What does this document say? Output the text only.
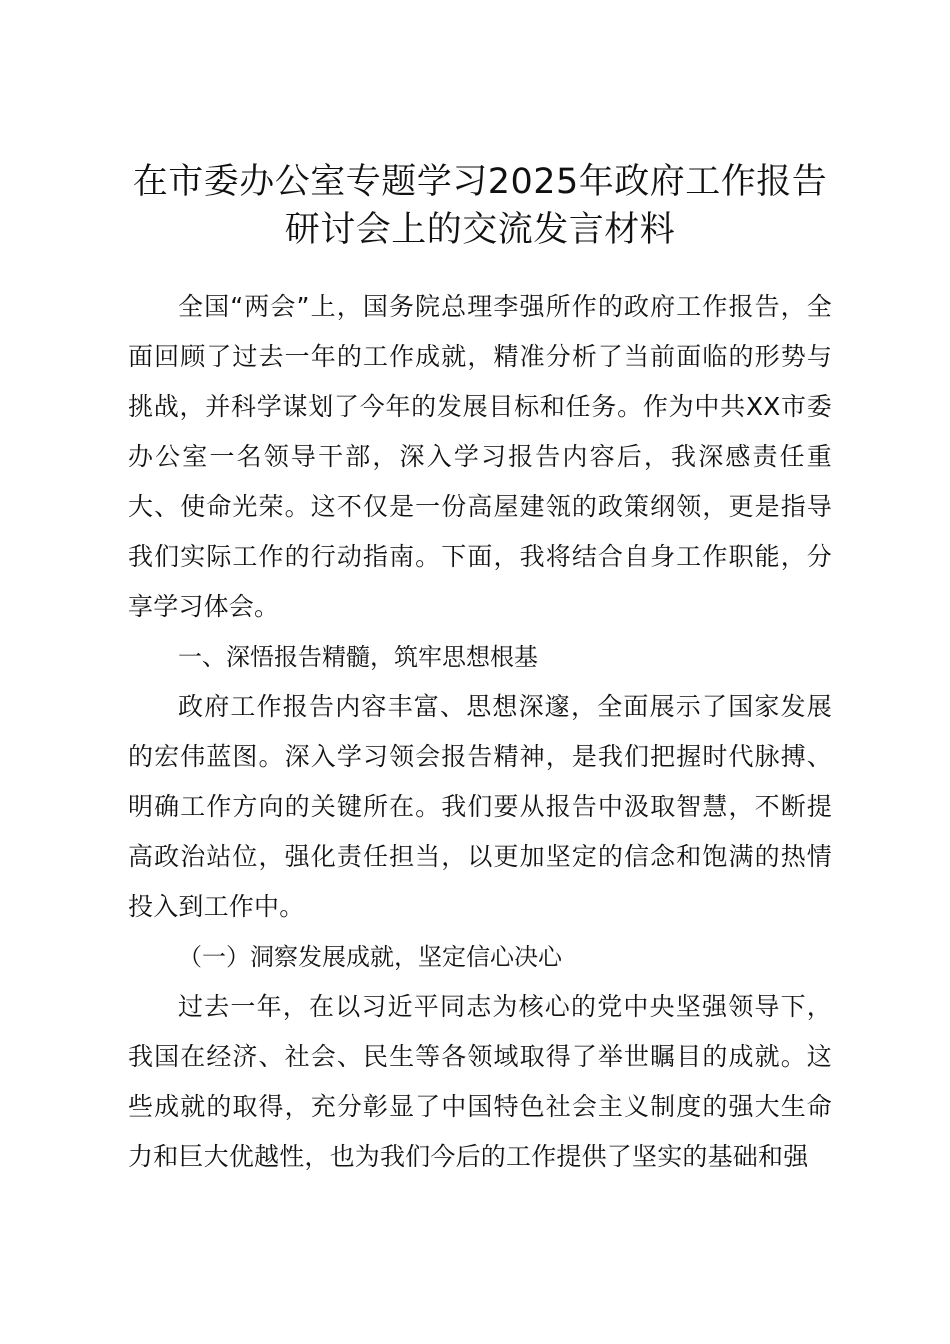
在市委办公室专题学习2025年政府工作报告
研讨会上的交流发言材料

全国“两会”上，国务院总理李强所作的政府工作报告，全面回顾了过去一年的工作成就，精准分析了当前面临的形势与挑战，并科学谋划了今年的发展目标和任务。作为中共XX市委办公室一名领导干部，深入学习报告内容后，我深感责任重大、使命光荣。这不仅是一份高屋建瓴的政策纲领，更是指导我们实际工作的行动指南。下面，我将结合自身工作职能，分享学习体会。

一、深悟报告精髓，筑牢思想根基

政府工作报告内容丰富、思想深邃，全面展示了国家发展的宏伟蓝图。深入学习领会报告精神，是我们把握时代脉搏、明确工作方向的关键所在。我们要从报告中汲取智慧，不断提高政治站位，强化责任担当，以更加坚定的信念和饱满的热情投入到工作中。

（一）洞察发展成就，坚定信心决心

过去一年，在以习近平同志为核心的党中央坚强领导下，我国在经济、社会、民生等各领域取得了举世瞩目的成就。这些成就的取得，充分彰显了中国特色社会主义制度的强大生命力和巨大优越性，也为我们今后的工作提供了坚实的基础和强
